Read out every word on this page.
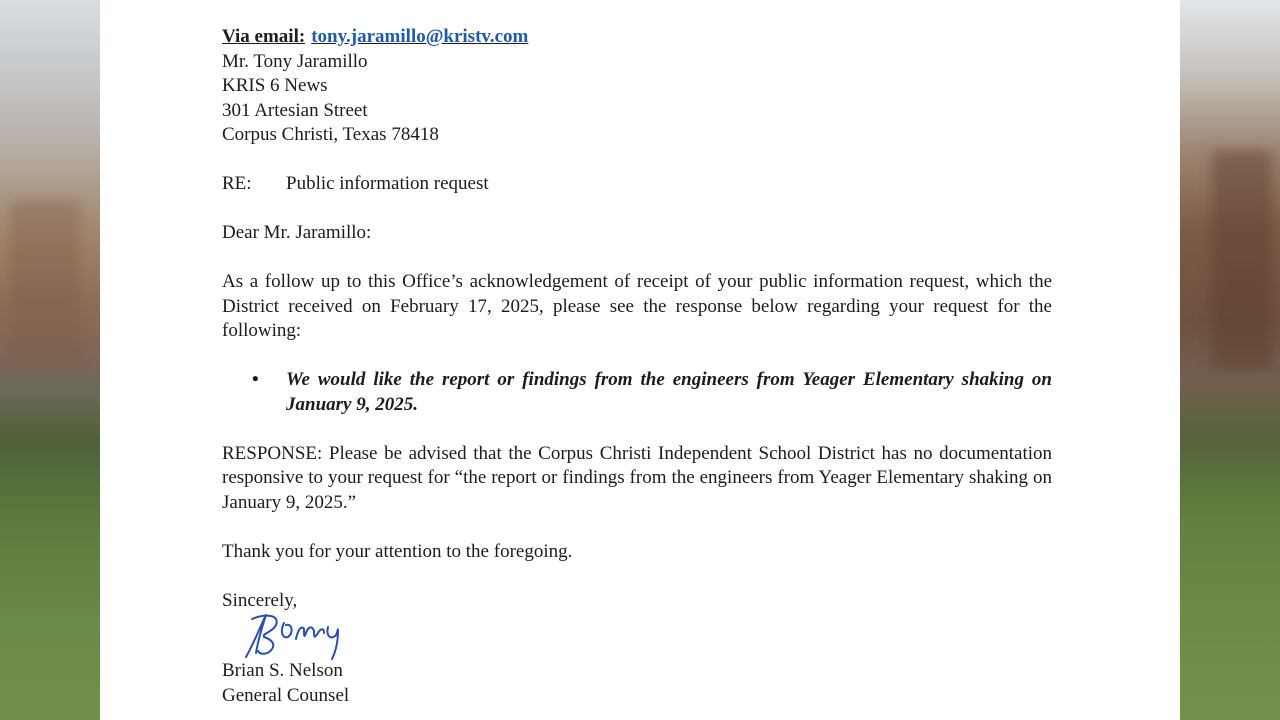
Via email: tony.jaramillo@kristv.com

Mr. Tony Jaramillo

KRIS 6 News

301 Artesian Street

Corpus Christi, Texas 78418

RE:	Public information request
Dear Mr. Jaramillo:
As a follow up to this Office’s acknowledgement of receipt of your public information request, which the District received on February 17, 2025, please see the response below regarding your request for the following:
•	We would like the report or findings from the engineers from Yeager Elementary shaking on January 9, 2025.
RESPONSE: Please be advised that the Corpus Christi Independent School District has no documentation responsive to your request for “the report or findings from the engineers from Yeager Elementary shaking on January 9, 2025.”
Thank you for your attention to the foregoing.
Sincerely,

Brian S. Nelson

General Counsel
